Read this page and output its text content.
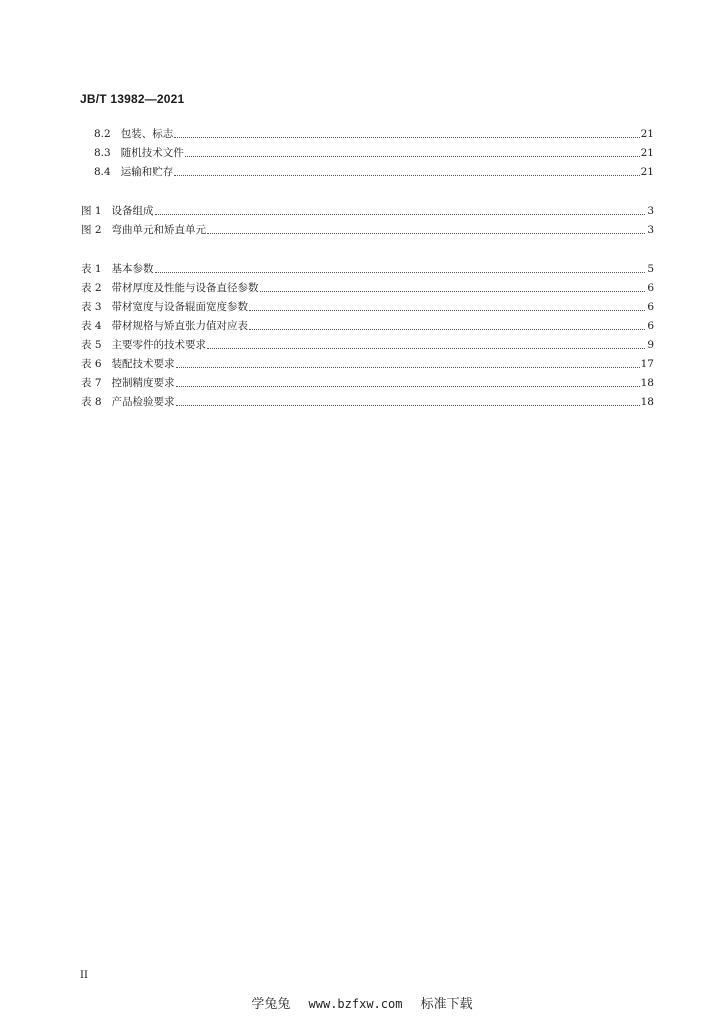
JB/T 13982—2021
8.2 包装、标志	21
8.3 随机技术文件	21
8.4 运输和贮存	21
图 1 设备组成	3
图 2 弯曲单元和矫直单元	3
表 1 基本参数	5
表 2 带材厚度及性能与设备直径参数	6
表 3 带材宽度与设备辊面宽度参数	6
表 4 带材规格与矫直张力值对应表	6
表 5 主要零件的技术要求	9
表 6 装配技术要求	17
表 7 控制精度要求	18
表 8 产品检验要求	18
II
学兔兔 www.bzfxw.com 标准下载
